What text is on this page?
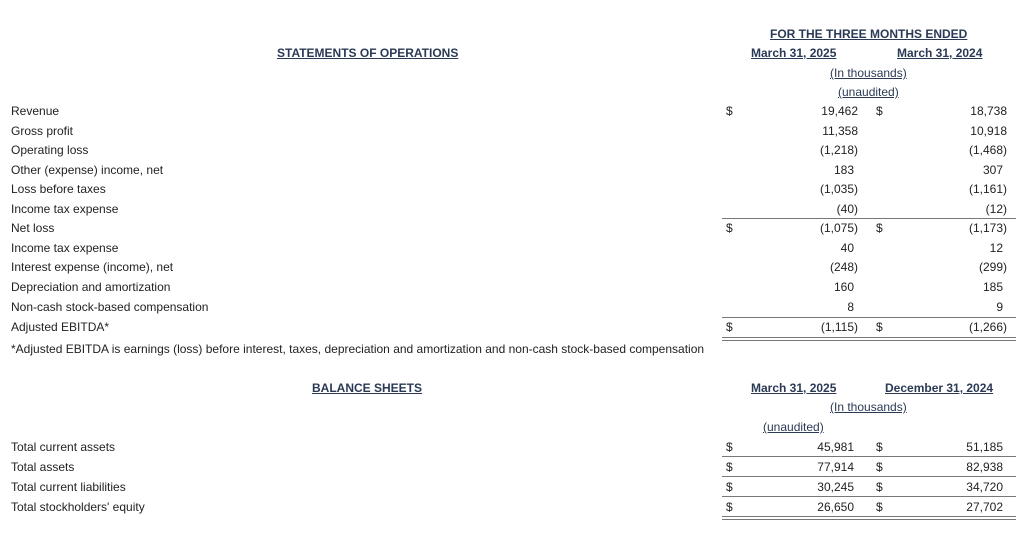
FOR THE THREE MONTHS ENDED
STATEMENTS OF OPERATIONS	March 31, 2025	March 31, 2024
(In thousands)
(unaudited)
Revenue	$	19,462 $	18,738
Gross profit	11,358	10,918
Operating loss	(1,218)	(1,468)
Other (expense) income, net	183	307
Loss before taxes	(1,035)	(1,161)
Income tax expense	(40)	(12)
Net loss	$	(1,075) $	(1,173)
Income tax expense	40	12
Interest expense (income), net	(248)	(299)
Depreciation and amortization	160	185
Non-cash stock-based compensation	8	9
Adjusted EBITDA*	$	(1,115) $	(1,266)
*Adjusted EBITDA is earnings (loss) before interest, taxes, depreciation and amortization and non-cash stock-based compensation
BALANCE SHEETS	March 31, 2025	December 31, 2024
(In thousands)
(unaudited)
Total current assets	$	45,981 $	51,185
Total assets	$	77,914 $	82,938
Total current liabilities	$	30,245 $	34,720
Total stockholders' equity	$	26,650 $	27,702
